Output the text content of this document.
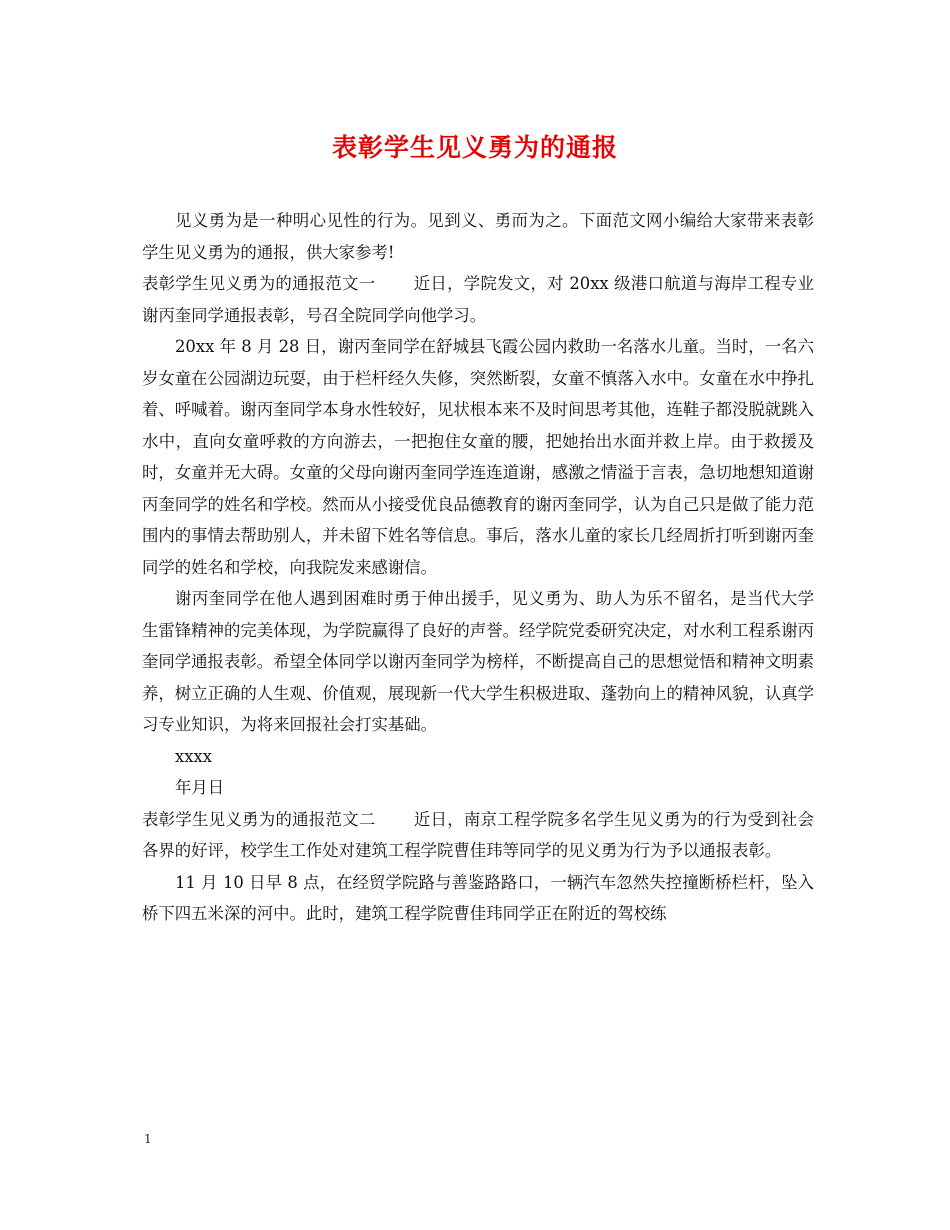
表彰学生见义勇为的通报

见义勇为是一种明心见性的行为。见到义、勇而为之。下面范文网小编给大家带来表彰学生见义勇为的通报，供大家参考!

表彰学生见义勇为的通报范文一 近日，学院发文，对 20xx 级港口航道与海岸工程专业谢丙奎同学通报表彰，号召全院同学向他学习。

20xx 年 8 月 28 日，谢丙奎同学在舒城县飞霞公园内救助一名落水儿童。当时，一名六岁女童在公园湖边玩耍，由于栏杆经久失修，突然断裂，女童不慎落入水中。女童在水中挣扎着、呼喊着。谢丙奎同学本身水性较好，见状根本来不及时间思考其他，连鞋子都没脱就跳入水中，直向女童呼救的方向游去，一把抱住女童的腰，把她抬出水面并救上岸。由于救援及时，女童并无大碍。女童的父母向谢丙奎同学连连道谢，感激之情溢于言表，急切地想知道谢丙奎同学的姓名和学校。然而从小接受优良品德教育的谢丙奎同学，认为自己只是做了能力范围内的事情去帮助别人，并未留下姓名等信息。事后，落水儿童的家长几经周折打听到谢丙奎同学的姓名和学校，向我院发来感谢信。

谢丙奎同学在他人遇到困难时勇于伸出援手，见义勇为、助人为乐不留名，是当代大学生雷锋精神的完美体现，为学院赢得了良好的声誉。经学院党委研究决定，对水利工程系谢丙奎同学通报表彰。希望全体同学以谢丙奎同学为榜样，不断提高自己的思想觉悟和精神文明素养，树立正确的人生观、价值观，展现新一代大学生积极进取、蓬勃向上的精神风貌，认真学习专业知识，为将来回报社会打实基础。

xxxx

年月日

表彰学生见义勇为的通报范文二 近日，南京工程学院多名学生见义勇为的行为受到社会各界的好评，校学生工作处对建筑工程学院曹佳玮等同学的见义勇为行为予以通报表彰。

11 月 10 日早 8 点，在经贸学院路与善鉴路路口，一辆汽车忽然失控撞断桥栏杆，坠入桥下四五米深的河中。此时，建筑工程学院曹佳玮同学正在附近的驾校练

1
